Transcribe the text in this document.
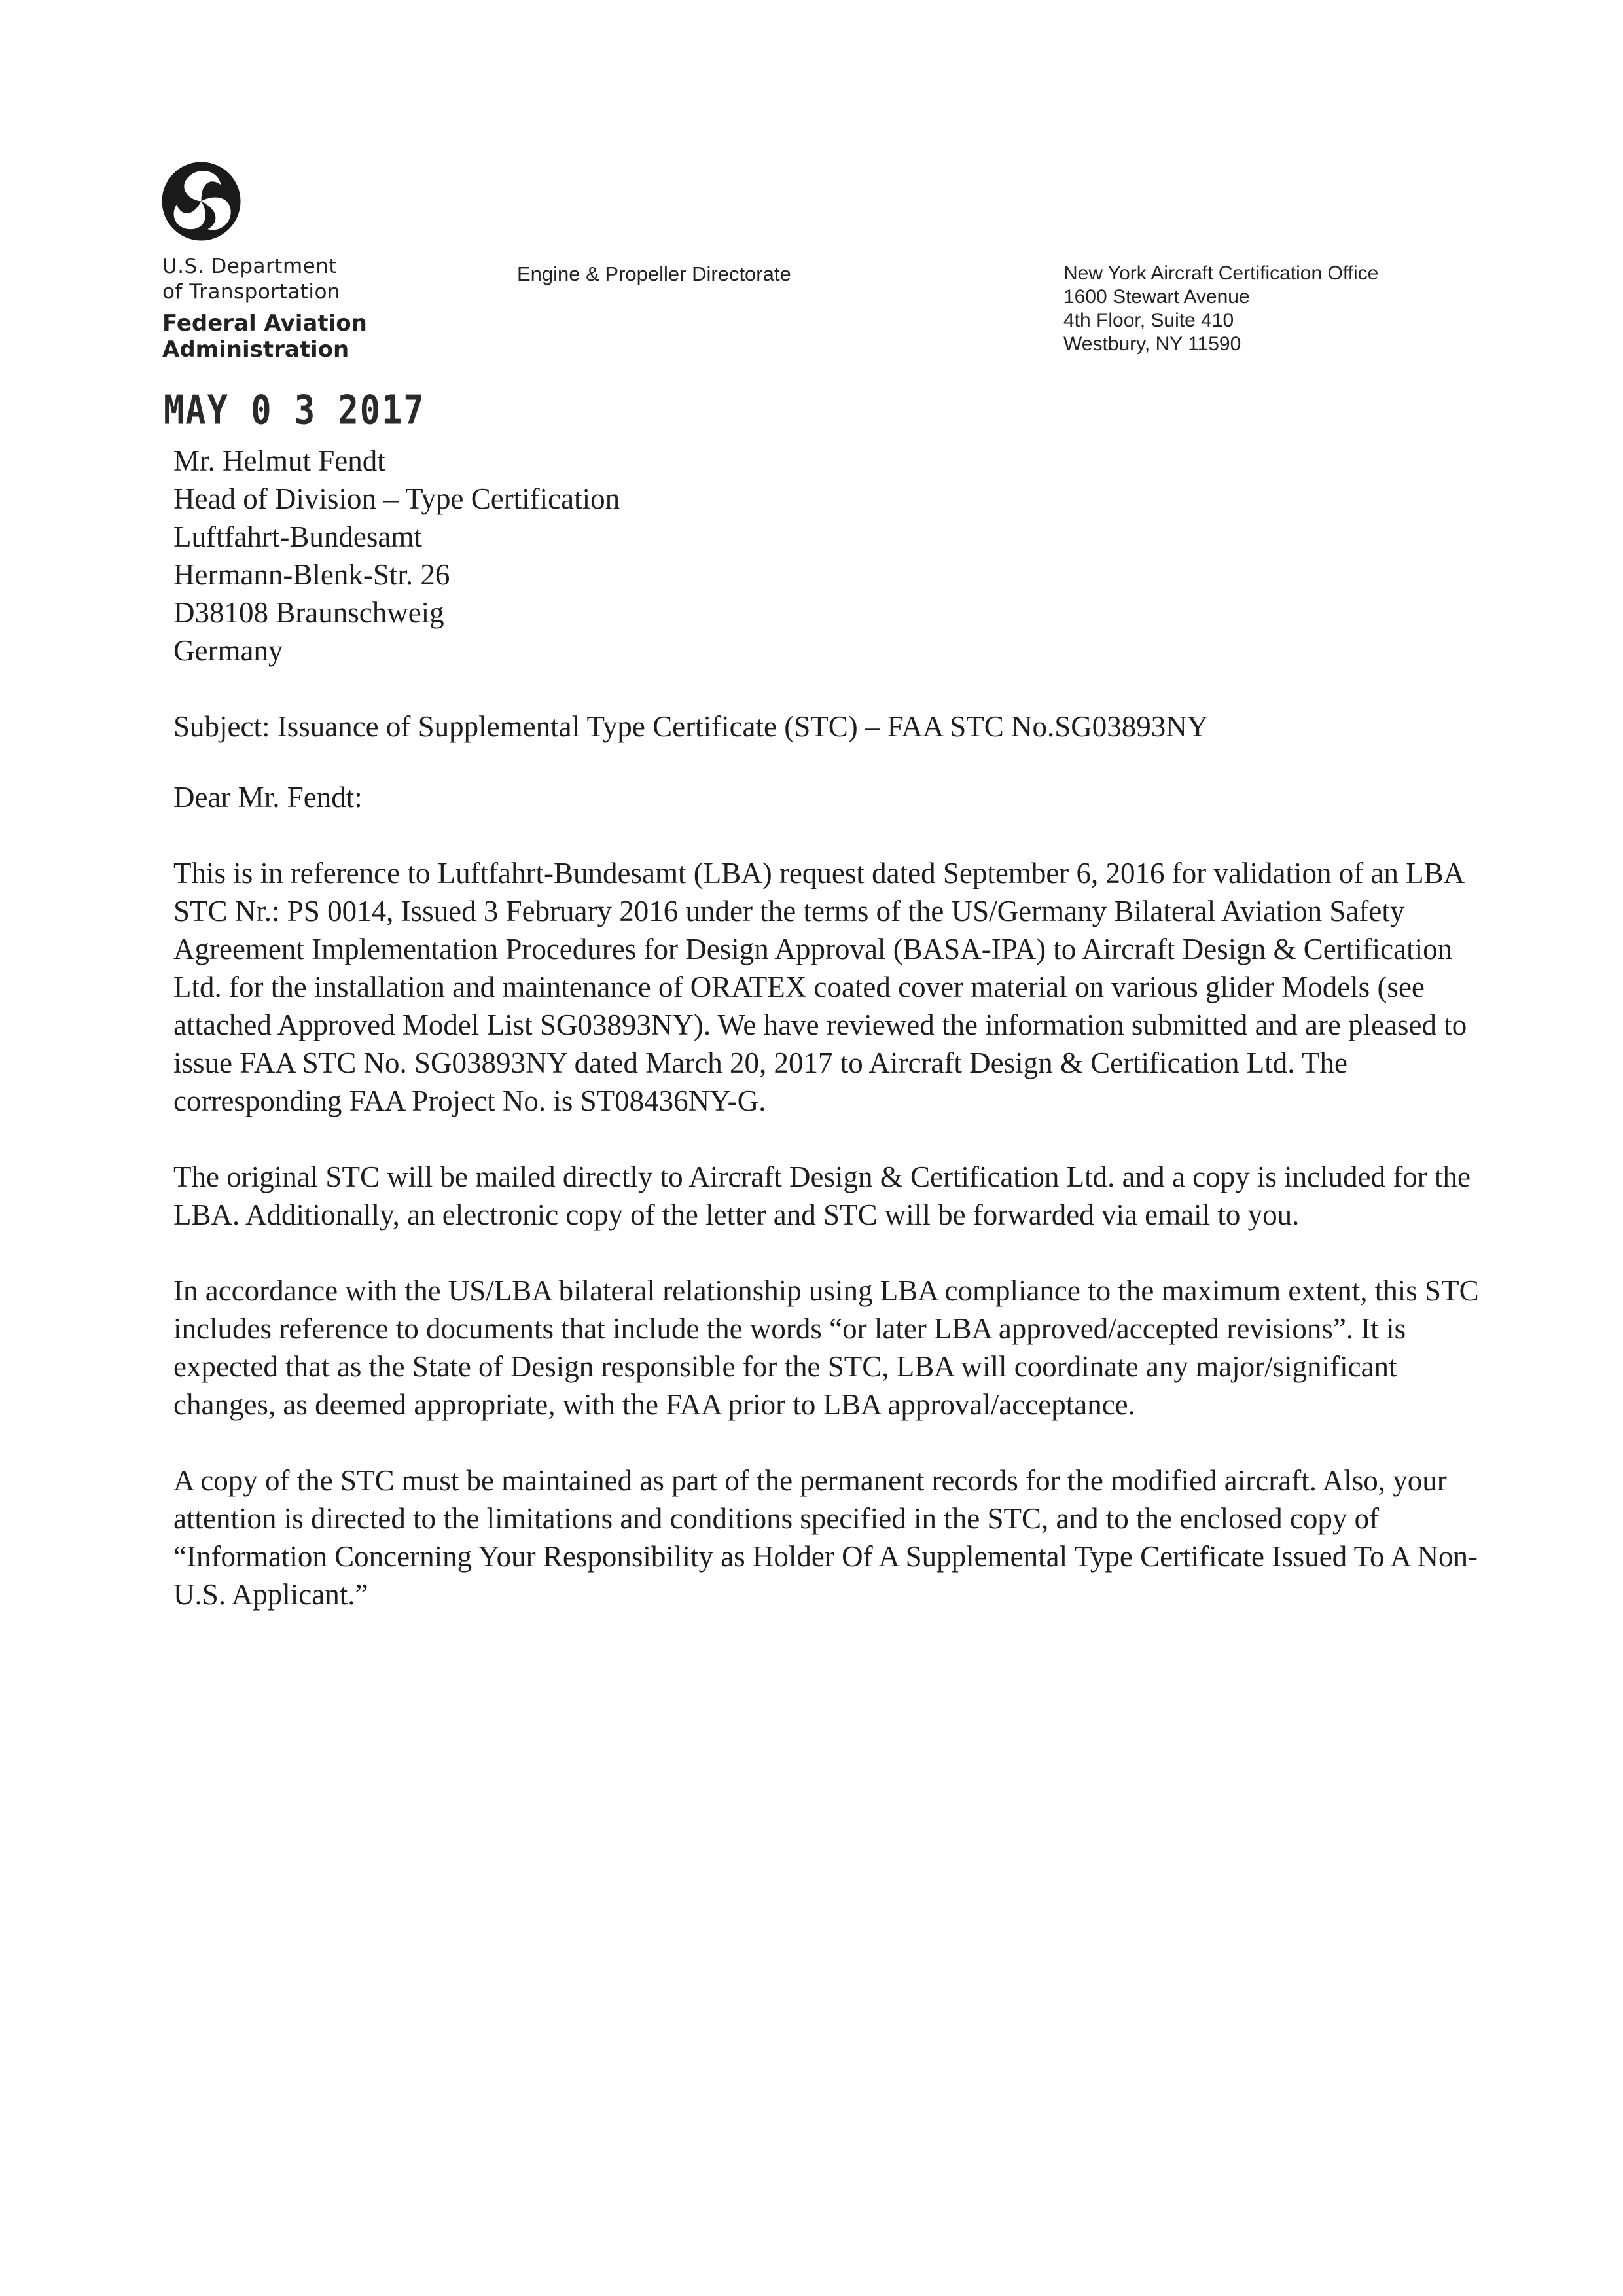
U.S. Department
of Transportation
Federal Aviation
Administration
Engine & Propeller Directorate	New York Aircraft Certification Office
1600 Stewart Avenue
4th Floor, Suite 410
Westbury, NY 11590
MAY 0 3 2017

Mr. Helmut Fendt

Head of Division – Type Certification

Luftfahrt-Bundesamt

Hermann-Blenk-Str. 26

D38108 Braunschweig

Germany

Subject: Issuance of Supplemental Type Certificate (STC) – FAA STC No.SG03893NY

Dear Mr. Fendt:

This is in reference to Luftfahrt-Bundesamt (LBA) request dated September 6, 2016 for validation of an LBA STC Nr.: PS 0014, Issued 3 February 2016 under the terms of the US/Germany Bilateral Aviation Safety Agreement Implementation Procedures for Design Approval (BASA-IPA) to Aircraft Design & Certification Ltd. for the installation and maintenance of ORATEX coated cover material on various glider Models (see attached Approved Model List SG03893NY). We have reviewed the information submitted and are pleased to issue FAA STC No. SG03893NY dated March 20, 2017 to Aircraft Design & Certification Ltd. The corresponding FAA Project No. is ST08436NY-G.

The original STC will be mailed directly to Aircraft Design & Certification Ltd. and a copy is included for the LBA. Additionally, an electronic copy of the letter and STC will be forwarded via email to you.

In accordance with the US/LBA bilateral relationship using LBA compliance to the maximum extent, this STC includes reference to documents that include the words “or later LBA approved/accepted revisions”. It is expected that as the State of Design responsible for the STC, LBA will coordinate any major/significant changes, as deemed appropriate, with the FAA prior to LBA approval/acceptance.

A copy of the STC must be maintained as part of the permanent records for the modified aircraft. Also, your attention is directed to the limitations and conditions specified in the STC, and to the enclosed copy of “Information Concerning Your Responsibility as Holder Of A Supplemental Type Certificate Issued To A Non-U.S. Applicant.”
